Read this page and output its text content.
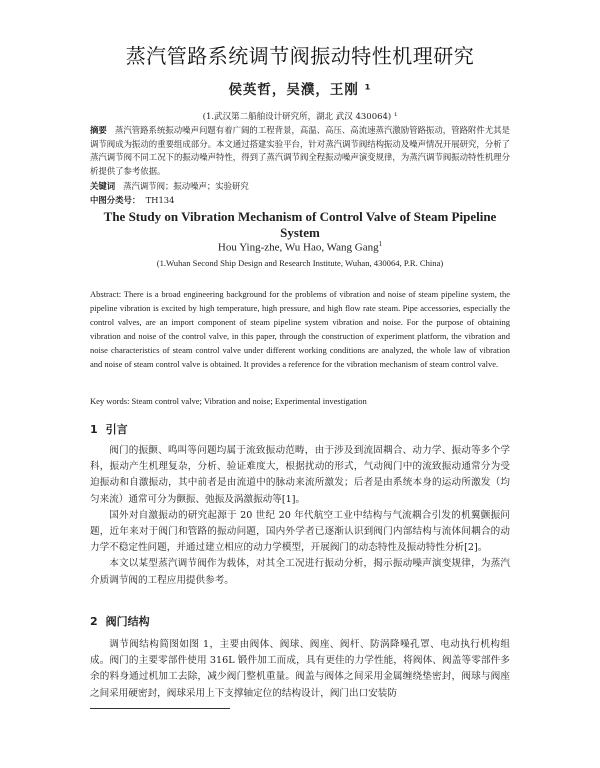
蒸汽管路系统调节阀振动特性机理研究
侯英哲，吴濮，王刚 ¹
(1.武汉第二船舶设计研究所，湖北 武汉 430064) ¹
摘要 蒸汽管路系统振动噪声问题有着广阔的工程背景，高温、高压、高流速蒸汽激励管路振动，管路附件尤其是调节阀成为振动的重要组成部分。本文通过搭建实验平台，针对蒸汽调节阀结构振动及噪声情况开展研究，分析了蒸汽调节阀不同工况下的振动噪声特性，得到了蒸汽调节阀全程振动噪声演变规律，为蒸汽调节阀振动特性机理分析提供了参考依据。
关键词 蒸汽调节阀；振动噪声；实验研究
中图分类号： TH134
The Study on Vibration Mechanism of Control Valve of Steam Pipeline System
Hou Ying-zhe, Wu Hao, Wang Gang$^1$
(1.Wuhan Second Ship Design and Research Institute, Wuhan, 430064, P.R. China)
Abstract: There is a broad engineering background for the problems of vibration and noise of steam pipeline system, the pipeline vibration is excited by high temperature, high pressure, and high flow rate steam. Pipe accessories, especially the control valves, are an import component of steam pipeline system vibration and noise. For the purpose of obtaining vibration and noise of the control valve, in this paper, through the construction of experiment platform, the vibration and noise characteristics of steam control valve under different working conditions are analyzed, the whole law of vibration and noise of steam control valve is obtained. It provides a reference for the vibration mechanism of steam control valve.
Key words: Steam control valve; Vibration and noise; Experimental investigation
1 引言

阀门的振颤、鸣叫等问题均属于流致振动范畴，由于涉及到流固耦合、动力学、振动等多个学科，振动产生机理复杂，分析、验证难度大，根据扰动的形式，气动阀门中的流致振动通常分为受迫振动和自激振动，其中前者是由流道中的脉动来流所激发；后者是由系统本身的运动所激发（均匀来流）通常可分为颤振、弛振及涡激振动等[1]。

国外对自激振动的研究起源于 20 世纪 20 年代航空工业中结构与气流耦合引发的机翼颤振问题，近年来对于阀门和管路的振动问题，国内外学者已逐渐认识到阀门内部结构与流体间耦合的动力学不稳定性问题，并通过建立相应的动力学模型，开展阀门的动态特性及振动特性分析[2]。

本文以某型蒸汽调节阀作为载体，对其全工况进行振动分析，揭示振动噪声演变规律，为蒸汽介质调节阀的工程应用提供参考。

2 阀门结构

调节阀结构简图如图 1，主要由阀体、阀球、阀座、阀杆、防涡降噪孔罩、电动执行机构组成。阀门的主要零部件使用 316L 锻件加工而成，具有更佳的力学性能，将阀体、阀盖等零部件多余的料身通过机加工去除，减少阀门整机重量。阀盖与阀体之间采用金属缠绕垫密封，阀球与阀座之间采用硬密封，阀球采用上下支撑轴定位的结构设计，阀门出口安装防
